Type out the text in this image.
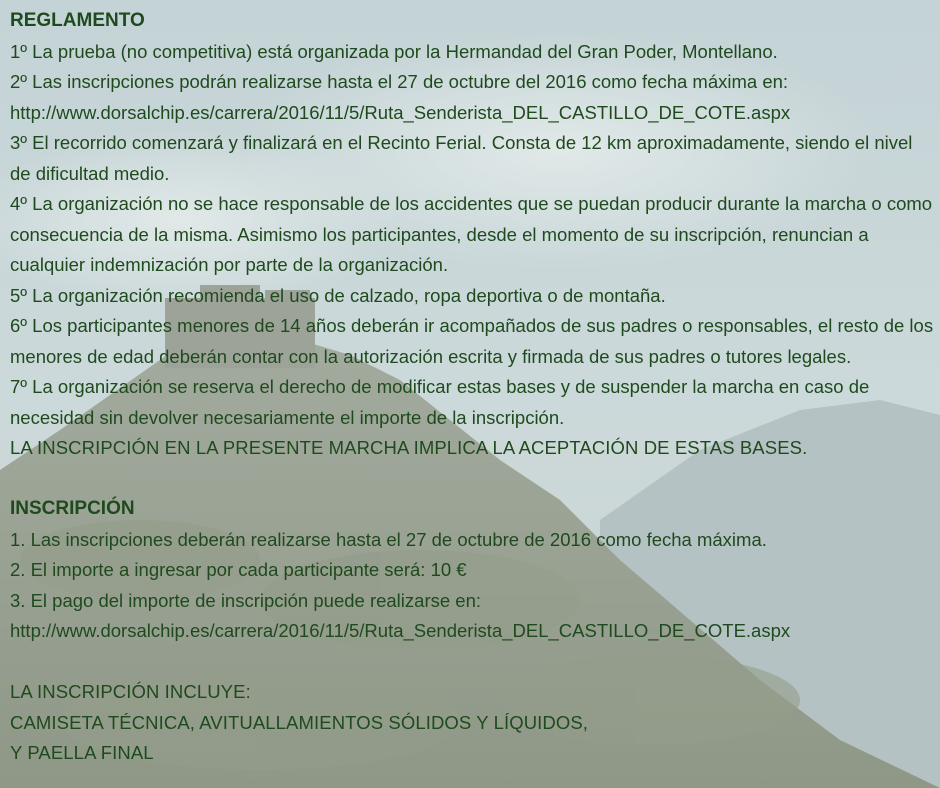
REGLAMENTO

1º La prueba (no competitiva) está organizada por la Hermandad del Gran Poder, Montellano.

2º Las inscripciones podrán realizarse hasta el 27 de octubre del 2016 como fecha máxima en: http://www.dorsalchip.es/carrera/2016/11/5/Ruta_Senderista_DEL_CASTILLO_DE_COTE.aspx

3º El recorrido comenzará y finalizará en el Recinto Ferial. Consta de 12 km aproximadamente, siendo el nivel de dificultad medio.

4º La organización no se hace responsable de los accidentes que se puedan producir durante la marcha o como consecuencia de la misma. Asimismo los participantes, desde el momento de su inscripción, renuncian a cualquier indemnización por parte de la organización.

5º La organización recomienda el uso de calzado, ropa deportiva o de montaña.

6º Los participantes menores de 14 años deberán ir acompañados de sus padres o responsables, el resto de los menores de edad deberán contar con la autorización escrita y firmada de sus padres o tutores legales.

7º La organización se reserva el derecho de modificar estas bases y de suspender la marcha en caso de necesidad sin devolver necesariamente el importe de la inscripción.

LA INSCRIPCIÓN EN LA PRESENTE MARCHA IMPLICA LA ACEPTACIÓN DE ESTAS BASES.

INSCRIPCIÓN

1. Las inscripciones deberán realizarse hasta el 27 de octubre de 2016 como fecha máxima.

2. El importe a ingresar por cada participante será: 10 €

3. El pago del importe de inscripción puede realizarse en:

http://www.dorsalchip.es/carrera/2016/11/5/Ruta_Senderista_DEL_CASTILLO_DE_COTE.aspx

LA INSCRIPCIÓN INCLUYE:

CAMISETA TÉCNICA, AVITUALLAMIENTOS SÓLIDOS Y LÍQUIDOS,

Y PAELLA FINAL
